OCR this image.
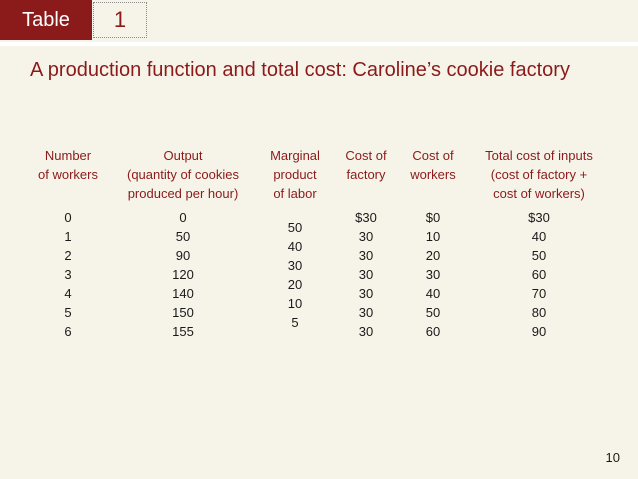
Table	1
A production function and total cost: Caroline’s cookie factory
Number
of workers
0
1
2
3
4
5
6
Output
(quantity of cookies
produced per hour)
0
50
90
120
140
150
155
Marginal
product
of labor
50
40
30
20
10
5
Cost of
factory
$30
30
30
30
30
30
30
Cost of
workers
$0
10
20
30
40
50
60
Total cost of inputs
(cost of factory +
cost of workers)
$30
40
50
60
70
80
90
10
